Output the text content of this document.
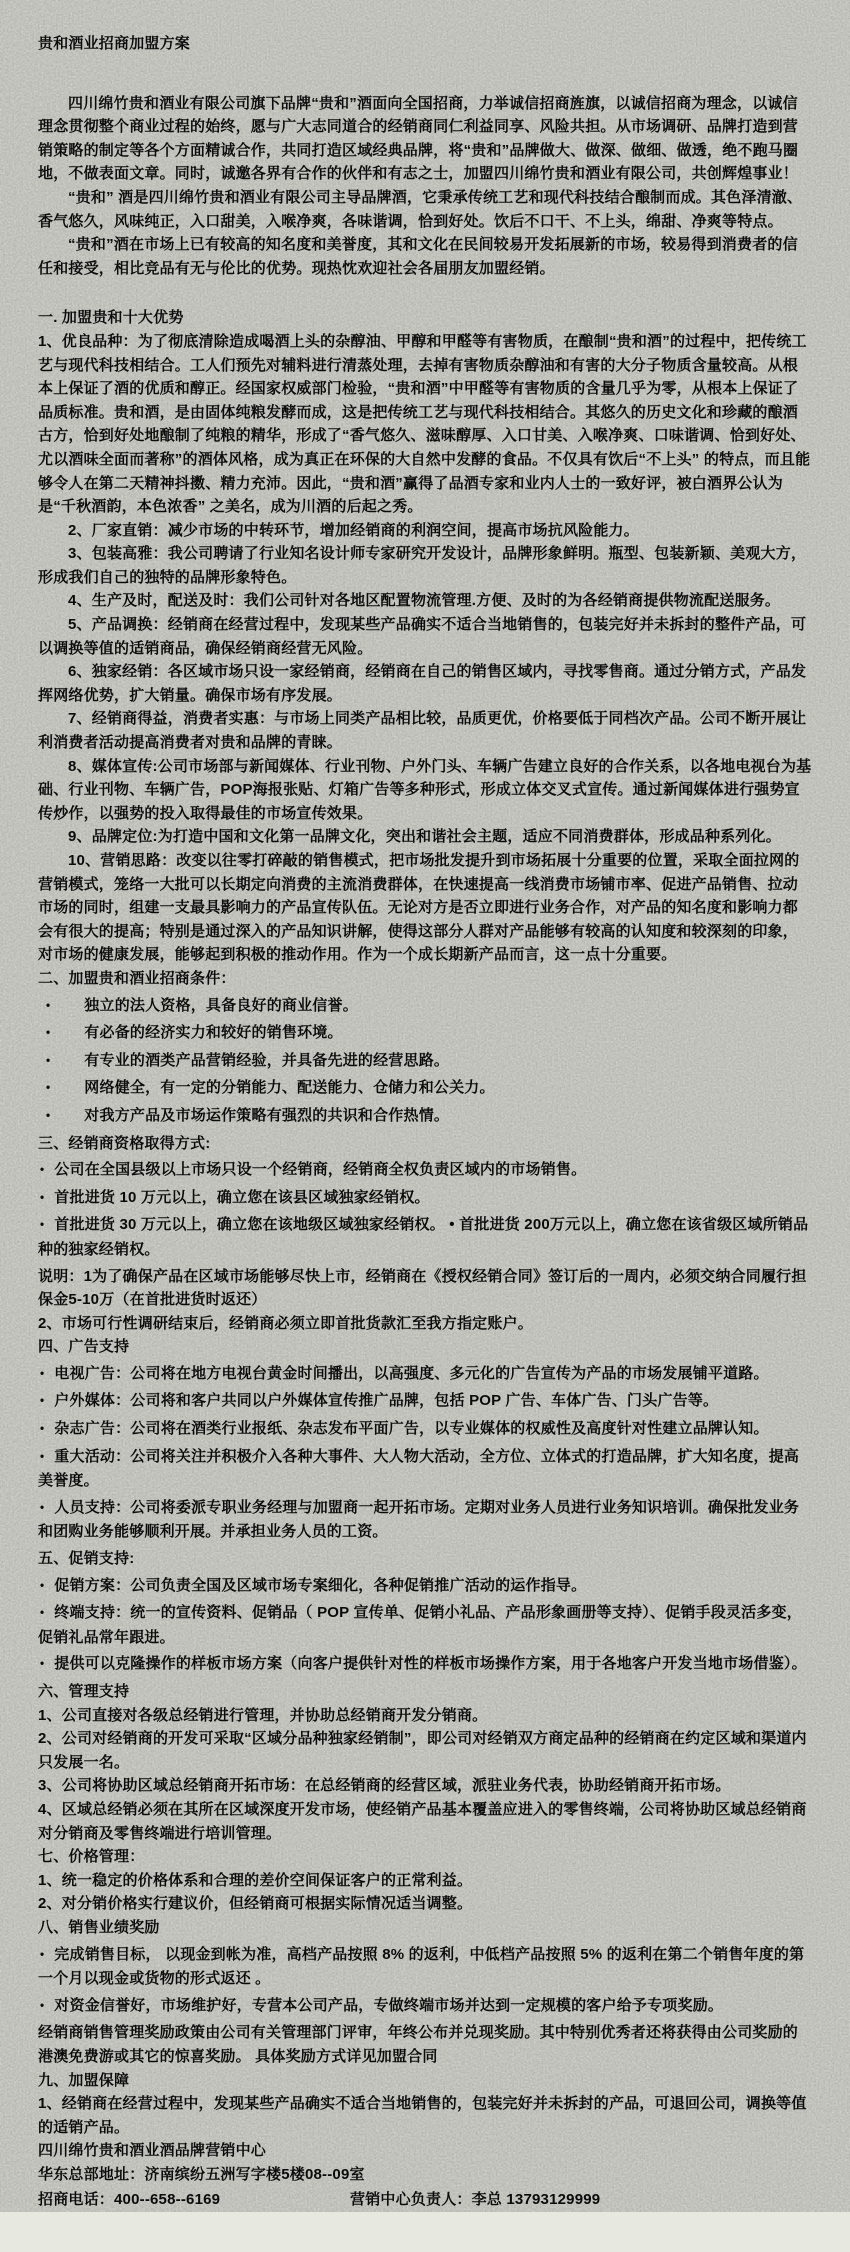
贵和酒业招商加盟方案
四川绵竹贵和酒业有限公司旗下品牌“贵和”酒面向全国招商，力举诚信招商旌旗，以诚信招商为理念，以诚信理念贯彻整个商业过程的始终，愿与广大志同道合的经销商同仁利益同享、风险共担。从市场调研、品牌打造到营销策略的制定等各个方面精诚合作，共同打造区域经典品牌，将“贵和”品牌做大、做深、做细、做透，绝不跑马圈地，不做表面文章。同时，诚邀各界有合作的伙伴和有志之士，加盟四川绵竹贵和酒业有限公司，共创辉煌事业！
“贵和” 酒是四川绵竹贵和酒业有限公司主导品牌酒，它秉承传统工艺和现代科技结合酿制而成。其色泽清澈、香气悠久，风味纯正，入口甜美，入喉净爽，各味谐调，恰到好处。饮后不口干、不上头，绵甜、净爽等特点。
“贵和”酒在市场上已有较高的知名度和美誉度，其和文化在民间较易开发拓展新的市场，较易得到消费者的信任和接受，相比竞品有无与伦比的优势。现热忱欢迎社会各届朋友加盟经销。
一. 加盟贵和十大优势
1、优良品种：为了彻底清除造成喝酒上头的杂醇油、甲醇和甲醛等有害物质，在酿制“贵和酒”的过程中，把传统工艺与现代科技相结合。工人们预先对辅料进行清蒸处理，去掉有害物质杂醇油和有害的大分子物质含量较高。从根本上保证了酒的优质和醇正。经国家权威部门检验，“贵和酒”中甲醛等有害物质的含量几乎为零，从根本上保证了品质标准。贵和酒，是由固体纯粮发酵而成，这是把传统工艺与现代科技相结合。其悠久的历史文化和珍藏的酿酒古方，恰到好处地酿制了纯粮的精华，形成了“香气悠久、滋味醇厚、入口甘美、入喉净爽、口味谐调、恰到好处、尤以酒味全面而著称”的酒体风格，成为真正在环保的大自然中发酵的食品。不仅具有饮后“不上头” 的特点，而且能够令人在第二天精神抖擞、精力充沛。因此，“贵和酒”赢得了品酒专家和业内人士的一致好评，被白酒界公认为是“千秋酒韵，本色浓香” 之美名，成为川酒的后起之秀。
2、厂家直销：减少市场的中转环节，增加经销商的利润空间，提高市场抗风险能力。
3、包装高雅：我公司聘请了行业知名设计师专家研究开发设计，品牌形象鲜明。瓶型、包装新颖、美观大方，形成我们自己的独特的品牌形象特色。
4、生产及时，配送及时：我们公司针对各地区配置物流管理.方便、及时的为各经销商提供物流配送服务。
5、产品调换：经销商在经营过程中，发现某些产品确实不适合当地销售的，包装完好并未拆封的整件产品，可以调换等值的适销商品，确保经销商经营无风险。
6、独家经销：各区域市场只设一家经销商，经销商在自己的销售区域内，寻找零售商。通过分销方式，产品发挥网络优势，扩大销量。确保市场有序发展。
7、经销商得益，消费者实惠：与市场上同类产品相比较，品质更优，价格要低于同档次产品。公司不断开展让利消费者活动提高消费者对贵和品牌的青睐。
8、媒体宣传:公司市场部与新闻媒体、行业刊物、户外门头、车辆广告建立良好的合作关系，以各地电视台为基础、行业刊物、车辆广告，POP海报张贴、灯箱广告等多种形式，形成立体交叉式宣传。通过新闻媒体进行强势宣传炒作，以强势的投入取得最佳的市场宣传效果。
9、品牌定位:为打造中国和文化第一品牌文化，突出和谐社会主题，适应不同消费群体，形成品种系列化。
10、营销思路：改变以往零打碎敲的销售模式，把市场批发提升到市场拓展十分重要的位置，采取全面拉网的营销模式，笼络一大批可以长期定向消费的主流消费群体，在快速提高一线消费市场铺市率、促进产品销售、拉动市场的同时，组建一支最具影响力的产品宣传队伍。无论对方是否立即进行业务合作，对产品的知名度和影响力都会有很大的提高；特别是通过深入的产品知识讲解，使得这部分人群对产品能够有较高的认知度和较深刻的印象，对市场的健康发展，能够起到积极的推动作用。作为一个成长期新产品而言，这一点十分重要。
二、加盟贵和酒业招商条件：
• 独立的法人资格，具备良好的商业信誉。
• 有必备的经济实力和较好的销售环境。
• 有专业的酒类产品营销经验，并具备先进的经营思路。
• 网络健全，有一定的分销能力、配送能力、仓储力和公关力。
• 对我方产品及市场运作策略有强烈的共识和合作热情。
三、经销商资格取得方式:
• 公司在全国县级以上市场只设一个经销商，经销商全权负责区域内的市场销售。
• 首批进货 10 万元以上，确立您在该县区域独家经销权。
• 首批进货 30 万元以上，确立您在该地级区域独家经销权。 • 首批进货 200万元以上，确立您在该省级区域所销品种的独家经销权。
说明：1为了确保产品在区域市场能够尽快上市，经销商在《授权经销合同》签订后的一周内，必须交纳合同履行担保金5-10万（在首批进货时返还）
2、市场可行性调研结束后，经销商必须立即首批货款汇至我方指定账户。
四、广告支持
• 电视广告：公司将在地方电视台黄金时间播出，以高强度、多元化的广告宣传为产品的市场发展铺平道路。
• 户外媒体：公司将和客户共同以户外媒体宣传推广品牌，包括 POP 广告、车体广告、门头广告等。
• 杂志广告：公司将在酒类行业报纸、杂志发布平面广告，以专业媒体的权威性及高度针对性建立品牌认知。
• 重大活动：公司将关注并积极介入各种大事件、大人物大活动，全方位、立体式的打造品牌，扩大知名度，提高美誉度。
• 人员支持：公司将委派专职业务经理与加盟商一起开拓市场。定期对业务人员进行业务知识培训。确保批发业务和团购业务能够顺利开展。并承担业务人员的工资。
五、促销支持:
• 促销方案：公司负责全国及区域市场专案细化，各种促销推广活动的运作指导。
• 终端支持：统一的宣传资料、促销品（ POP 宣传单、促销小礼品、产品形象画册等支持）、促销手段灵活多变，促销礼品常年跟进。
• 提供可以克隆操作的样板市场方案（向客户提供针对性的样板市场操作方案，用于各地客户开发当地市场借鉴）。
六、管理支持
1、公司直接对各级总经销进行管理，并协助总经销商开发分销商。
2、公司对经销商的开发可采取“区域分品种独家经销制”，即公司对经销双方商定品种的经销商在约定区域和渠道内只发展一名。
3、公司将协助区域总经销商开拓市场：在总经销商的经营区域，派驻业务代表，协助经销商开拓市场。
4、区域总经销必须在其所在区域深度开发市场，使经销产品基本覆盖应进入的零售终端，公司将协助区域总经销商对分销商及零售终端进行培训管理。
七、价格管理：
1、统一稳定的价格体系和合理的差价空间保证客户的正常利益。
2、对分销价格实行建议价，但经销商可根据实际情况适当调整。
八、销售业绩奖励
• 完成销售目标， 以现金到帐为准，高档产品按照 8% 的返利，中低档产品按照 5% 的返利在第二个销售年度的第一个月以现金或货物的形式返还 。
• 对资金信誉好，市场维护好，专营本公司产品，专做终端市场并达到一定规模的客户给予专项奖励。
经销商销售管理奖励政策由公司有关管理部门评审，年终公布并兑现奖励。其中特别优秀者还将获得由公司奖励的港澳免费游或其它的惊喜奖励。 具体奖励方式详见加盟合同
九、加盟保障
1、经销商在经营过程中，发现某些产品确实不适合当地销售的，包装完好并未拆封的产品，可退回公司，调换等值的适销产品。
四川绵竹贵和酒业酒品牌营销中心
华东总部地址：济南缤纷五洲写字楼5楼08--09室
招商电话：400--658--6169	营销中心负责人：李总 13793129999
